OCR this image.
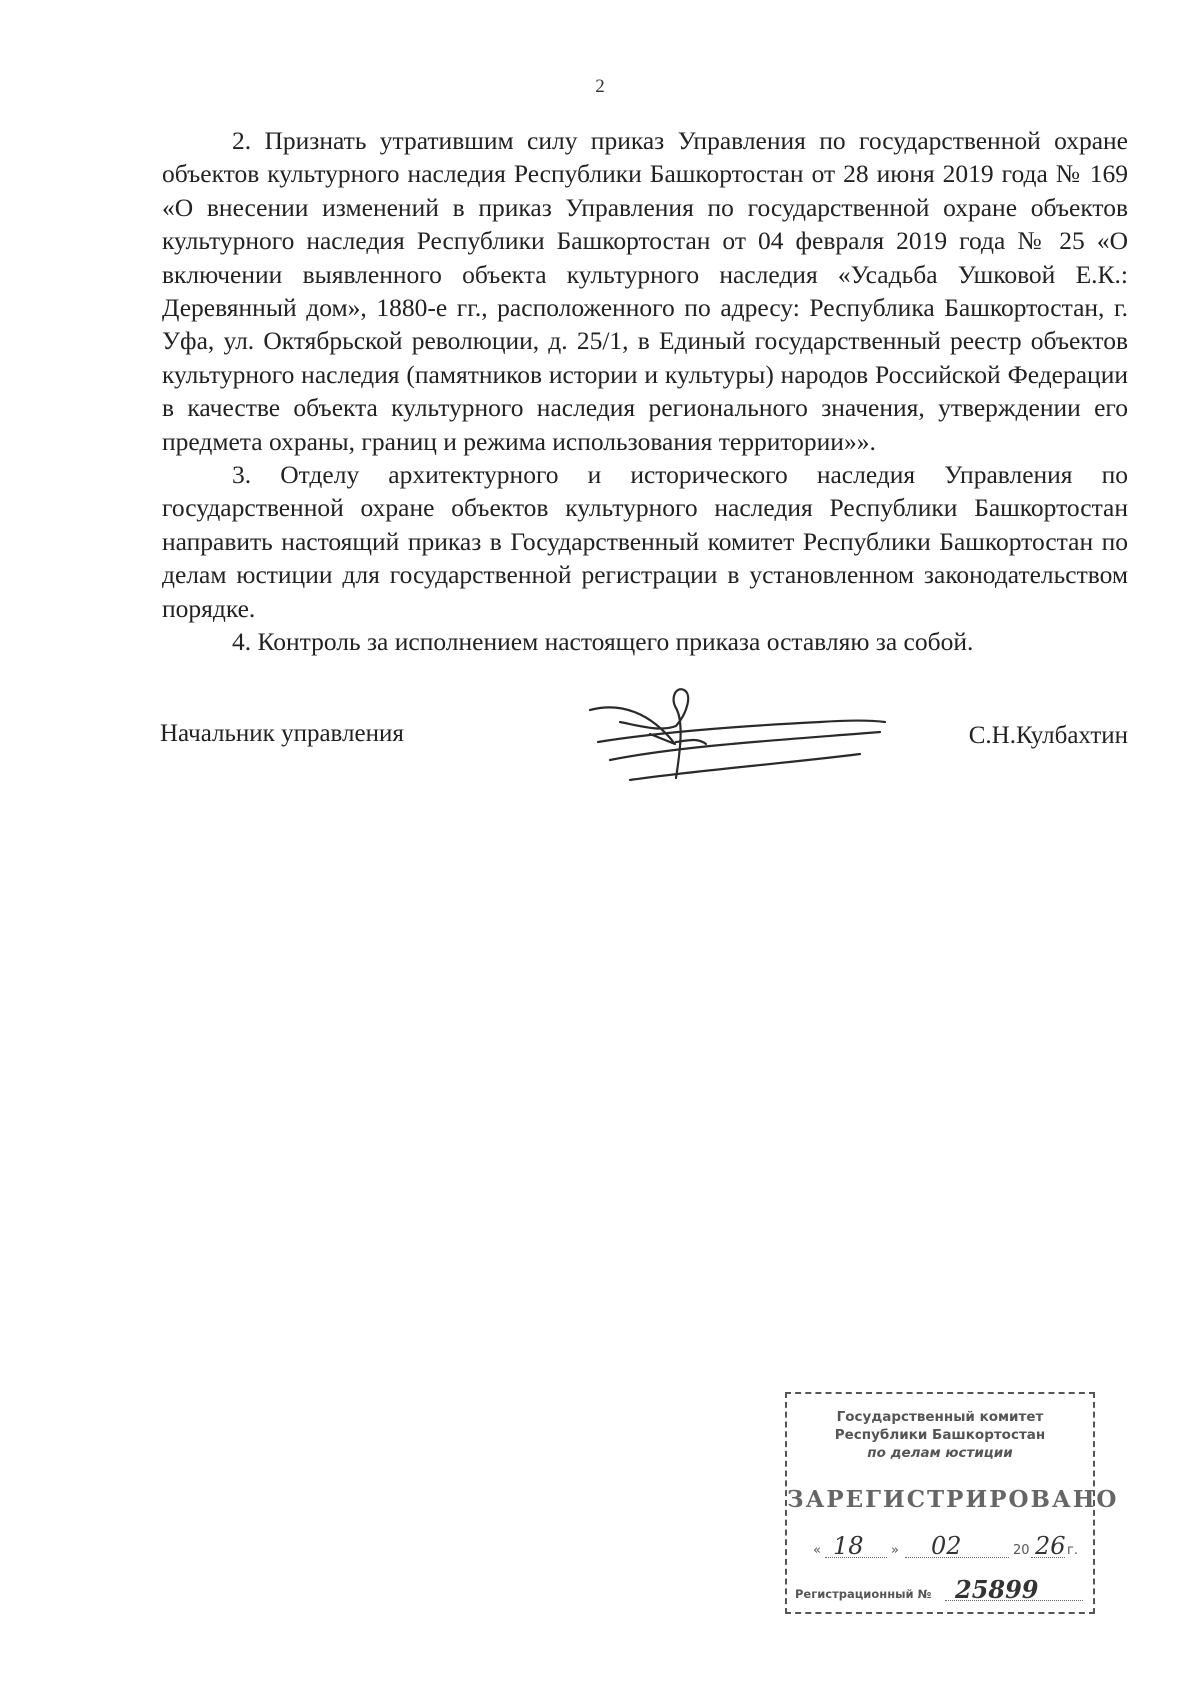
2

2. Признать утратившим силу приказ Управления по государственной охране объектов культурного наследия Республики Башкортостан от 28 июня 2019 года № 169 «О внесении изменений в приказ Управления по государственной охране объектов культурного наследия Республики Башкортостан от 04 февраля 2019 года № 25 «О включении выявленного объекта культурного наследия «Усадьба Ушковой Е.К.: Деревянный дом», 1880-е гг., расположенного по адресу: Республика Башкортостан, г. Уфа, ул. Октябрьской революции, д. 25/1, в Единый государственный реестр объектов культурного наследия (памятников истории и культуры) народов Российской Федерации в качестве объекта культурного наследия регионального значения, утверждении его предмета охраны, границ и режима использования территории»».

3. Отделу архитектурного и исторического наследия Управления по государственной охране объектов культурного наследия Республики Башкортостан направить настоящий приказ в Государственный комитет Республики Башкортостан по делам юстиции для государственной регистрации в установленном законодательством порядке.

4. Контроль за исполнением настоящего приказа оставляю за собой.

Начальник управления	С.Н.Кулбахтин
Государственный комитет
Республики Башкортостан
по делам юстиции
ЗАРЕГИСТРИРОВАНО
« 18 » 02	20 26 г.
Регистрационный № 25899
